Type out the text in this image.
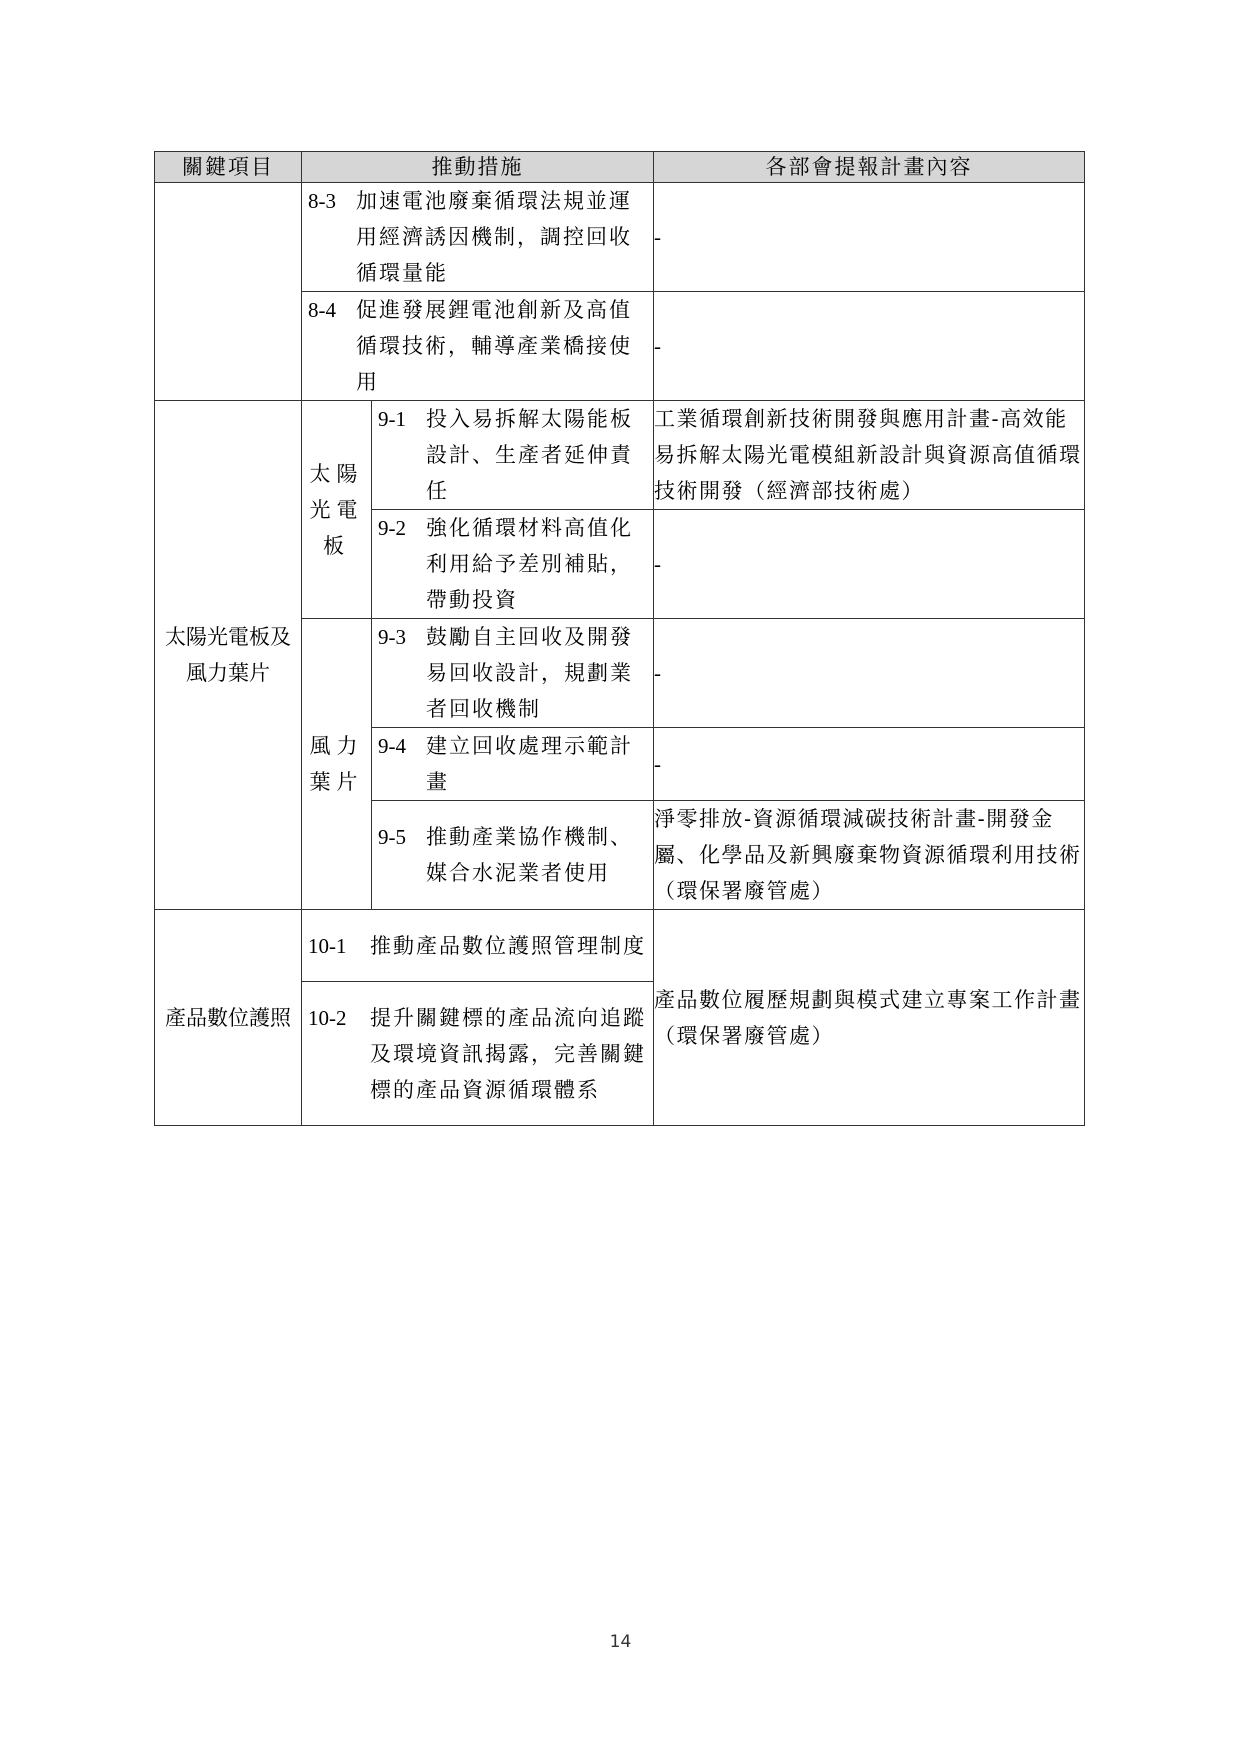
關鍵項目	推動措施		各部會提報計畫內容

	8-3 加速電池廢棄循環法規並運用經濟誘因機制，調控回收循環量能		-

	8-4 促進發展鋰電池創新及高值循環技術，輔導產業橋接使用		-
太陽光電板及風力葉片	太陽光電板	9-1 投入易拆解太陽能板設計、生產者延伸責任	工業循環創新技術開發與應用計畫-高效能易拆解太陽光電模組新設計與資源高值循環技術開發（經濟部技術處）

		9-2 強化循環材料高值化利用給予差別補貼，帶動投資	-
	風力葉片	9-3 鼓勵自主回收及開發易回收設計，規劃業者回收機制	-

		9-4 建立回收處理示範計畫	-

		9-5 推動產業協作機制、媒合水泥業者使用	淨零排放-資源循環減碳技術計畫-開發金屬、化學品及新興廢棄物資源循環利用技術（環保署廢管處）
產品數位護照	10-1 推動產品數位護照管理制度		產品數位履歷規劃與模式建立專案工作計畫（環保署廢管處）

	10-2 提升關鍵標的產品流向追蹤及環境資訊揭露，完善關鍵標的產品資源循環體系		
14
